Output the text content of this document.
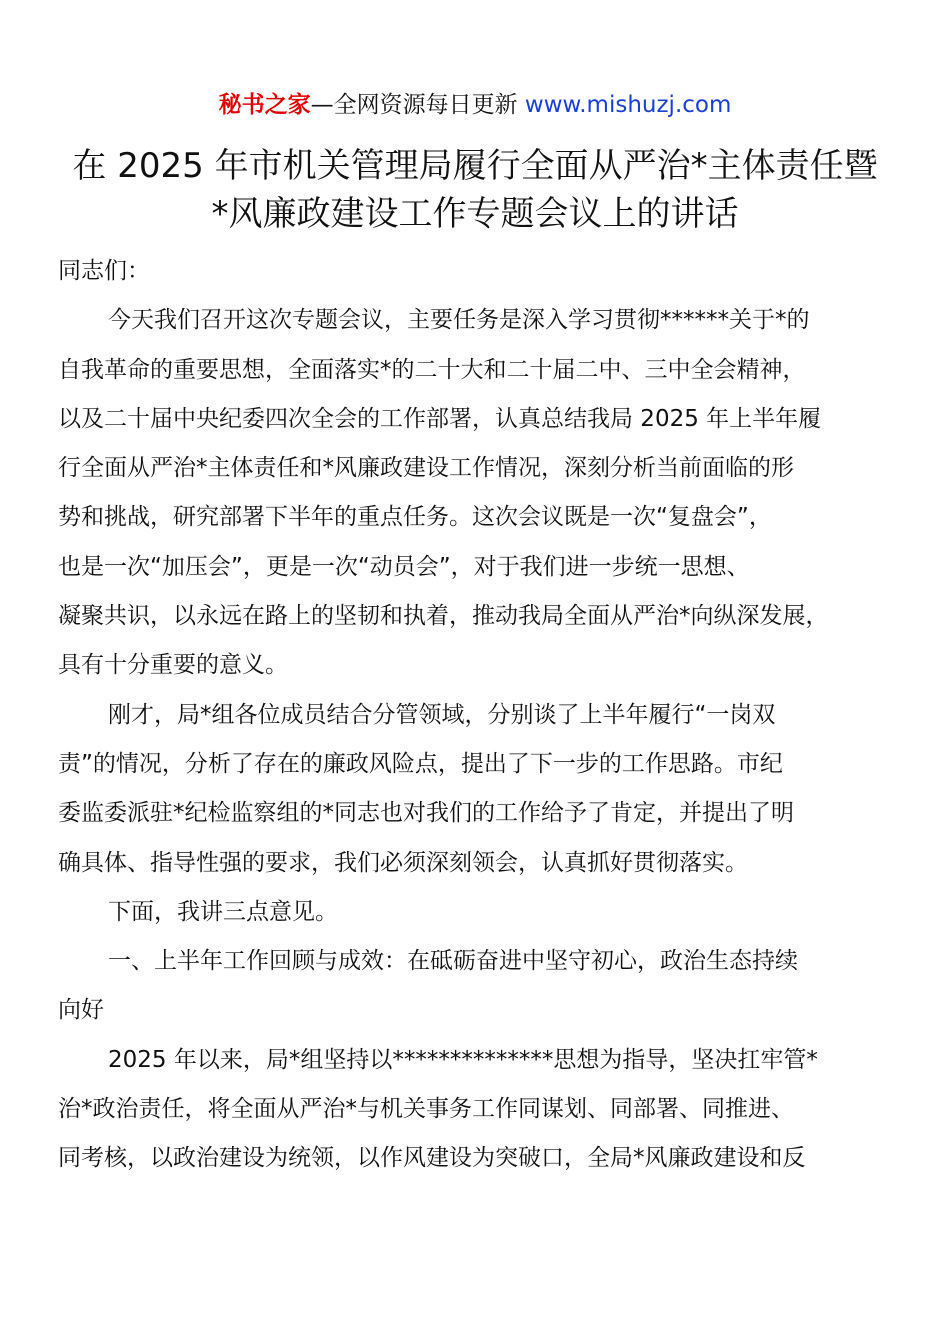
秘书之家—全网资源每日更新 www.mishuzj.com
在 2025 年市机关管理局履行全面从严治*主体责任暨
*风廉政建设工作专题会议上的讲话
同志们：
今天我们召开这次专题会议，主要任务是深入学习贯彻******关于*的
自我革命的重要思想，全面落实*的二十大和二十届二中、三中全会精神，
以及二十届中央纪委四次全会的工作部署，认真总结我局 2025 年上半年履
行全面从严治*主体责任和*风廉政建设工作情况，深刻分析当前面临的形
势和挑战，研究部署下半年的重点任务。这次会议既是一次“复盘会”，
也是一次“加压会”，更是一次“动员会”，对于我们进一步统一思想、
凝聚共识，以永远在路上的坚韧和执着，推动我局全面从严治*向纵深发展，
具有十分重要的意义。
刚才，局*组各位成员结合分管领域，分别谈了上半年履行“一岗双
责”的情况，分析了存在的廉政风险点，提出了下一步的工作思路。市纪
委监委派驻*纪检监察组的*同志也对我们的工作给予了肯定，并提出了明
确具体、指导性强的要求，我们必须深刻领会，认真抓好贯彻落实。
下面，我讲三点意见。
一、上半年工作回顾与成效：在砥砺奋进中坚守初心，政治生态持续
向好
2025 年以来，局*组坚持以**************思想为指导，坚决扛牢管*
治*政治责任，将全面从严治*与机关事务工作同谋划、同部署、同推进、
同考核，以政治建设为统领，以作风建设为突破口，全局*风廉政建设和反
